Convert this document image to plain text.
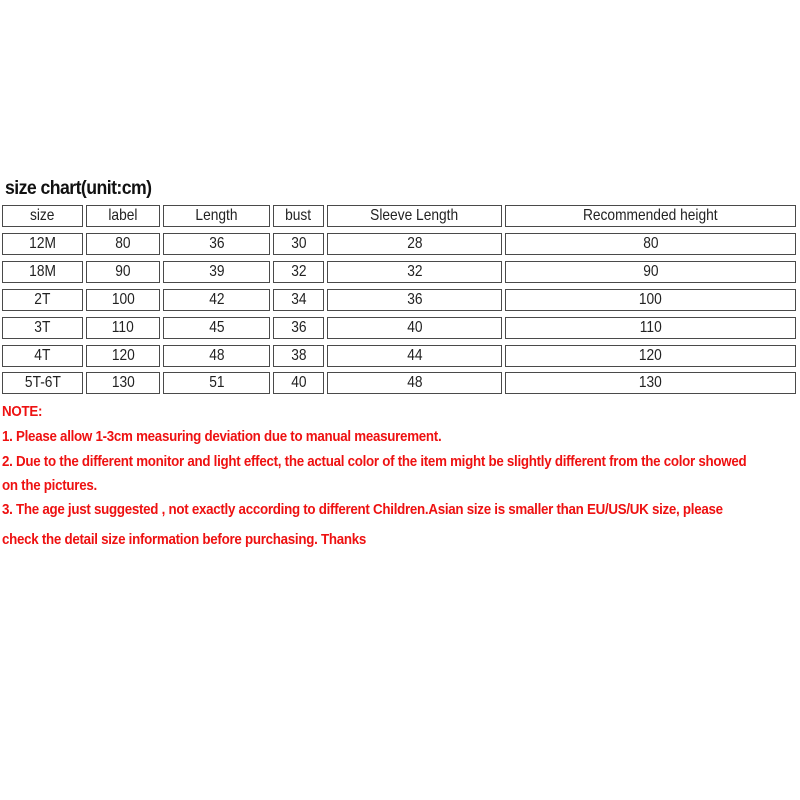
size chart(unit:cm)
size	label	Length	bust	Sleeve Length	Recommended height
12M	80	36	30	28	80
18M	90	39	32	32	90
2T	100	42	34	36	100
3T	110	45	36	40	110
4T	120	48	38	44	120
5T-6T	130	51	40	48	130
NOTE:
1. Please allow 1-3cm measuring deviation due to manual measurement.
2. Due to the different monitor and light effect, the actual color of the item might be slightly different from the color showed
on the pictures.
3. The age just suggested , not exactly according to different Children.Asian size is smaller than EU/US/UK size, please
check the detail size information before purchasing. Thanks
